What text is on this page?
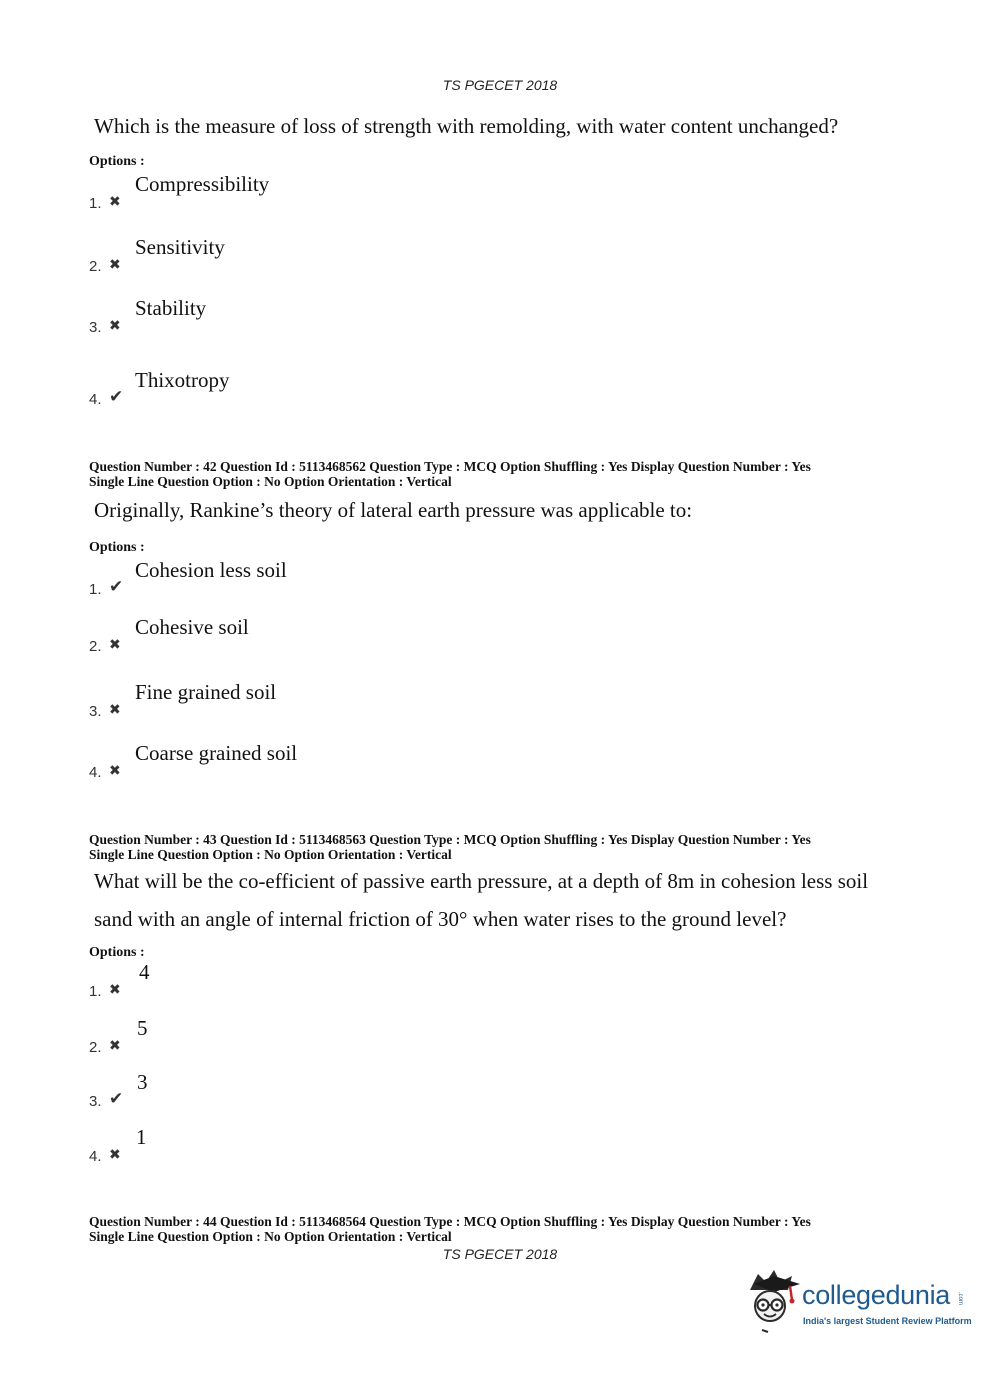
TS PGECET 2018
Which is the measure of loss of strength with remolding, with water content unchanged?
Options :
1. ✖
Compressibility
2. ✖
Sensitivity
3. ✖
Stability
4. ✔
Thixotropy
Question Number : 42 Question Id : 5113468562 Question Type : MCQ Option Shuffling : Yes Display Question Number : Yes
Single Line Question Option : No Option Orientation : Vertical
Originally, Rankine’s theory of lateral earth pressure was applicable to:
Options :
1. ✔
Cohesion less soil
2. ✖
Cohesive soil
3. ✖
Fine grained soil
4. ✖
Coarse grained soil
Question Number : 43 Question Id : 5113468563 Question Type : MCQ Option Shuffling : Yes Display Question Number : Yes
Single Line Question Option : No Option Orientation : Vertical
What will be the co-efficient of passive earth pressure, at a depth of 8m in cohesion less soil
sand with an angle of internal friction of 30° when water rises to the ground level?
Options :
1. ✖
4
2. ✖
5
3. ✔
3
4. ✖
1
Question Number : 44 Question Id : 5113468564 Question Type : MCQ Option Shuffling : Yes Display Question Number : Yes
Single Line Question Option : No Option Orientation : Vertical
TS PGECET 2018
collegedunia .com
India's largest Student Review Platform
